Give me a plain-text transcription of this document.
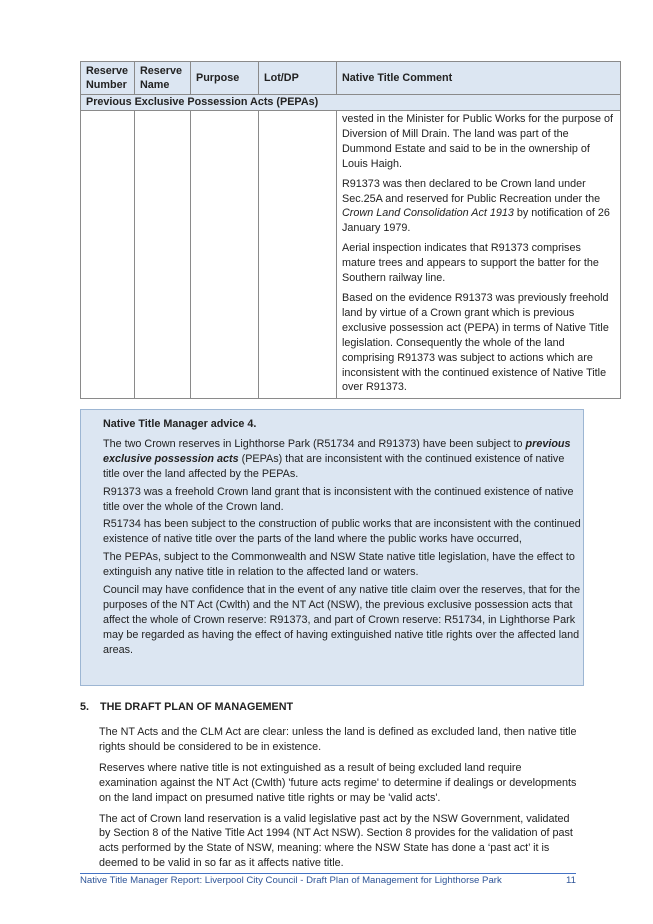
Reserve Number	Reserve Name	Purpose	Lot/DP	Native Title Comment
Previous Exclusive Possession Acts (PEPAs)				

				vested in the Minister for Public Works for the purpose of Diversion of Mill Drain. The land was part of the Dummond Estate and said to be in the ownership of Louis Haigh.

R91373 was then declared to be Crown land under Sec.25A and reserved for Public Recreation under the Crown Land Consolidation Act 1913 by notification of 26 January 1979.

Aerial inspection indicates that R91373 comprises mature trees and appears to support the batter for the Southern railway line.

Based on the evidence R91373 was previously freehold land by virtue of a Crown grant which is previous exclusive possession act (PEPA) in terms of Native Title legislation. Consequently the whole of the land comprising R91373 was subject to actions which are inconsistent with the continued existence of Native Title over R91373.

Native Title Manager advice 4.

The two Crown reserves in Lighthorse Park (R51734 and R91373) have been subject to previous exclusive possession acts (PEPAs) that are inconsistent with the continued existence of native title over the land affected by the PEPAs.

R91373 was a freehold Crown land grant that is inconsistent with the continued existence of native title over the whole of the Crown land.

R51734 has been subject to the construction of public works that are inconsistent with the continued existence of native title over the parts of the land where the public works have occurred,

The PEPAs, subject to the Commonwealth and NSW State native title legislation, have the effect to extinguish any native title in relation to the affected land or waters.

Council may have confidence that in the event of any native title claim over the reserves, that for the purposes of the NT Act (Cwlth) and the NT Act (NSW), the previous exclusive possession acts that affect the whole of Crown reserve: R91373, and part of Crown reserve: R51734, in Lighthorse Park may be regarded as having the effect of having extinguished native title rights over the affected land areas.

5. THE DRAFT PLAN OF MANAGEMENT

The NT Acts and the CLM Act are clear: unless the land is defined as excluded land, then native title rights should be considered to be in existence.

Reserves where native title is not extinguished as a result of being excluded land require examination against the NT Act (Cwlth) 'future acts regime' to determine if dealings or developments on the land impact on presumed native title rights or may be 'valid acts'.

The act of Crown land reservation is a valid legislative past act by the NSW Government, validated by Section 8 of the Native Title Act 1994 (NT Act NSW). Section 8 provides for the validation of past acts performed by the State of NSW, meaning: where the NSW State has done a ‘past act’ it is deemed to be valid in so far as it affects native title.

Native Title Manager Report: Liverpool City Council - Draft Plan of Management for Lighthorse Park	11
